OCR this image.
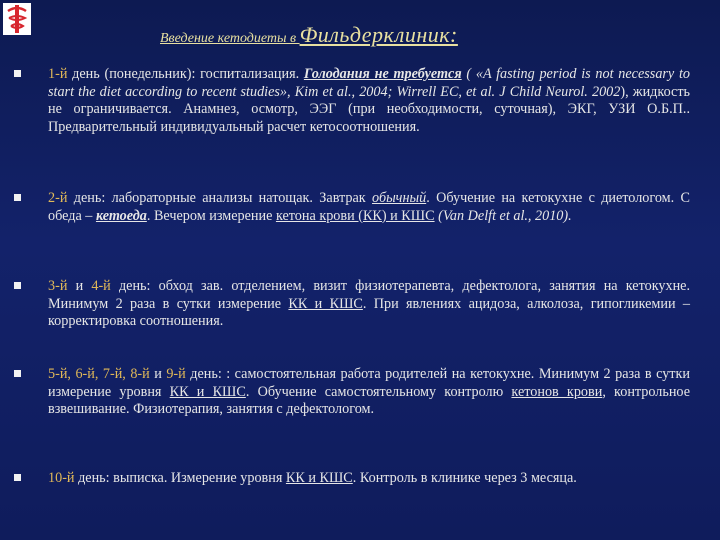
Введение кетодиеты в Фильдерклиник:
1-й день (понедельник): госпитализация. Голодания не требуется ( «A fasting period is not necessary to start the diet according to recent studies», Kim et al., 2004; Wirrell EC, et al. J Child Neurol. 2002), жидкость не ограничивается. Анамнез, осмотр, ЭЭГ (при необходимости, суточная), ЭКГ, УЗИ О.Б.П.. Предварительный индивидуальный расчет кетосоотношения.
2-й день: лабораторные анализы натощак. Завтрак обычный. Обучение на кетокухне с диетологом. С обеда – кетоеда. Вечером измерение кетона крови (КК) и КШС (Van Delft et al., 2010).
3-й и 4-й день: обход зав. отделением, визит физиотерапевта, дефектолога, занятия на кетокухне. Минимум 2 раза в сутки измерение КК и КШС. При явлениях ацидоза, алколоза, гипогликемии – корректировка соотношения.
5-й, 6-й, 7-й, 8-й и 9-й день: : самостоятельная работа родителей на кетокухне. Минимум 2 раза в сутки измерение уровня КК и КШС. Обучение самостоятельному контролю кетонов крови, контрольное взвешивание. Физиотерапия, занятия с дефектологом.
10-й день: выписка. Измерение уровня КК и КШС. Контроль в клинике через 3 месяца.
